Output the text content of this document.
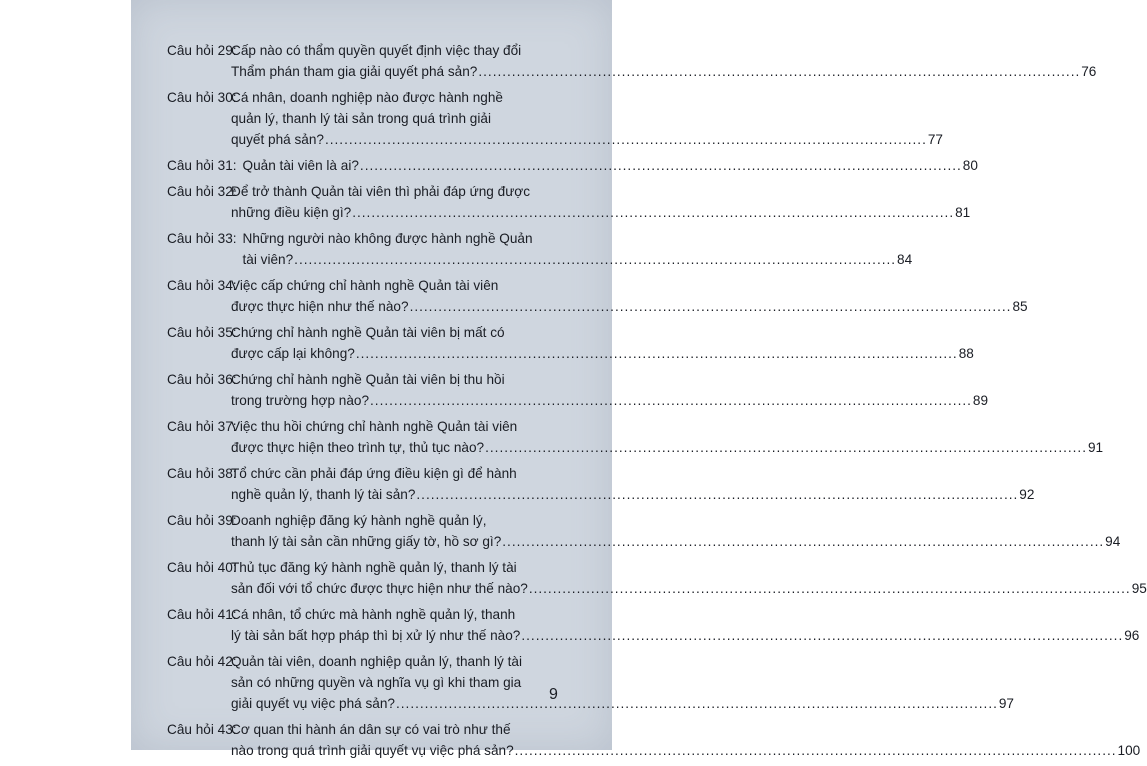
Câu hỏi 29:
Cấp nào có thẩm quyền quyết định việc thay đổi
Thẩm phán tham gia giải quyết phá sản? .....	76
Câu hỏi 30:
Cá nhân, doanh nghiệp nào được hành nghề
quản lý, thanh lý tài sản trong quá trình giải
quyết phá sản? .....	77
Câu hỏi 31: Quản tài viên là ai? .....	80
Câu hỏi 32:
Để trở thành Quản tài viên thì phải đáp ứng được
những điều kiện gì? .....	81
Câu hỏi 33: Những người nào không được hành nghề Quản
tài viên? .....	84
Câu hỏi 34:
Việc cấp chứng chỉ hành nghề Quản tài viên
được thực hiện như thế nào? .....	85
Câu hỏi 35:
Chứng chỉ hành nghề Quản tài viên bị mất có
được cấp lại không? .....	88
Câu hỏi 36:
Chứng chỉ hành nghề Quản tài viên bị thu hồi
trong trường hợp nào? .....	89
Câu hỏi 37:
Việc thu hồi chứng chỉ hành nghề Quản tài viên
được thực hiện theo trình tự, thủ tục nào? .....	91
Câu hỏi 38:
Tổ chức cần phải đáp ứng điều kiện gì để hành
nghề quản lý, thanh lý tài sản? .....	92
Câu hỏi 39:
Doanh nghiệp đăng ký hành nghề quản lý,
thanh lý tài sản cần những giấy tờ, hồ sơ gì? .....	94
Câu hỏi 40:
Thủ tục đăng ký hành nghề quản lý, thanh lý tài
sản đối với tổ chức được thực hiện như thế nào? .....	95
Câu hỏi 41:
Cá nhân, tổ chức mà hành nghề quản lý, thanh
lý tài sản bất hợp pháp thì bị xử lý như thế nào? .....	96
Câu hỏi 42:
Quản tài viên, doanh nghiệp quản lý, thanh lý tài
sản có những quyền và nghĩa vụ gì khi tham gia
giải quyết vụ việc phá sản? .....	97
Câu hỏi 43:
Cơ quan thi hành án dân sự có vai trò như thế
nào trong quá trình giải quyết vụ việc phá sản? .....	100
9
